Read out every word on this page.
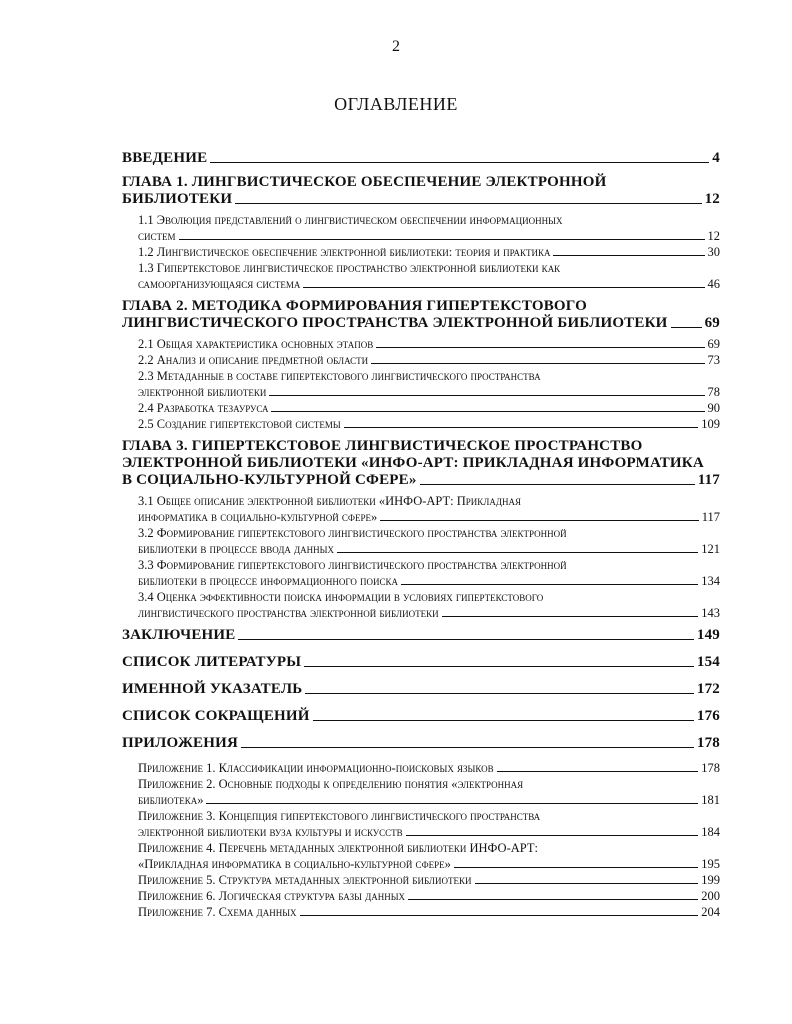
2
ОГЛАВЛЕНИЕ
ВВЕДЕНИЕ	4
ГЛАВА 1. ЛИНГВИСТИЧЕСКОЕ ОБЕСПЕЧЕНИЕ ЭЛЕКТРОННОЙ
БИБЛИОТЕКИ	12
1.1 Эволюция представлений о лингвистическом обеспечении информационных
систем	12
1.2 Лингвистическое обеспечение электронной библиотеки: теория и практика	30
1.3 Гипертекстовое лингвистическое пространство электронной библиотеки как
самоорганизующаяся система	46
ГЛАВА 2. МЕТОДИКА ФОРМИРОВАНИЯ ГИПЕРТЕКСТОВОГО
ЛИНГВИСТИЧЕСКОГО ПРОСТРАНСТВА ЭЛЕКТРОННОЙ БИБЛИОТЕКИ 69
2.1 Общая характеристика основных этапов	69
2.2 Анализ и описание предметной области	73
2.3 Метаданные в составе гипертекстового лингвистического пространства
электронной библиотеки	78
2.4 Разработка тезауруса	90
2.5 Создание гипертекстовой системы	109
ГЛАВА 3. ГИПЕРТЕКСТОВОЕ ЛИНГВИСТИЧЕСКОЕ ПРОСТРАНСТВО
ЭЛЕКТРОННОЙ БИБЛИОТЕКИ «ИНФО-АРТ: ПРИКЛАДНАЯ ИНФОРМАТИКА
В СОЦИАЛЬНО-КУЛЬТУРНОЙ СФЕРЕ»	117
3.1 Общее описание электронной библиотеки «ИНФО-АРТ: Прикладная
информатика в социально-культурной сфере»	117
3.2 Формирование гипертекстового лингвистического пространства электронной
библиотеки в процессе ввода данных	121
3.3 Формирование гипертекстового лингвистического пространства электронной
библиотеки в процессе информационного поиска	134
3.4 Оценка эффективности поиска информации в условиях гипертекстового
лингвистического пространства электронной библиотеки	143
ЗАКЛЮЧЕНИЕ	149
СПИСОК ЛИТЕРАТУРЫ	154
ИМЕННОЙ УКАЗАТЕЛЬ	172
СПИСОК СОКРАЩЕНИЙ	176
ПРИЛОЖЕНИЯ	178
Приложение 1. Классификации информационно-поисковых языков	178
Приложение 2. Основные подходы к определению понятия «электронная
библиотека»	181
Приложение 3. Концепция гипертекстового лингвистического пространства
электронной библиотеки вуза культуры и искусств	184
Приложение 4. Перечень метаданных электронной библиотеки ИНФО-АРТ:
«Прикладная информатика в социально-культурной сфере»	195
Приложение 5. Структура метаданных электронной библиотеки	199
Приложение 6. Логическая структура базы данных	200
Приложение 7. Схема данных	204
